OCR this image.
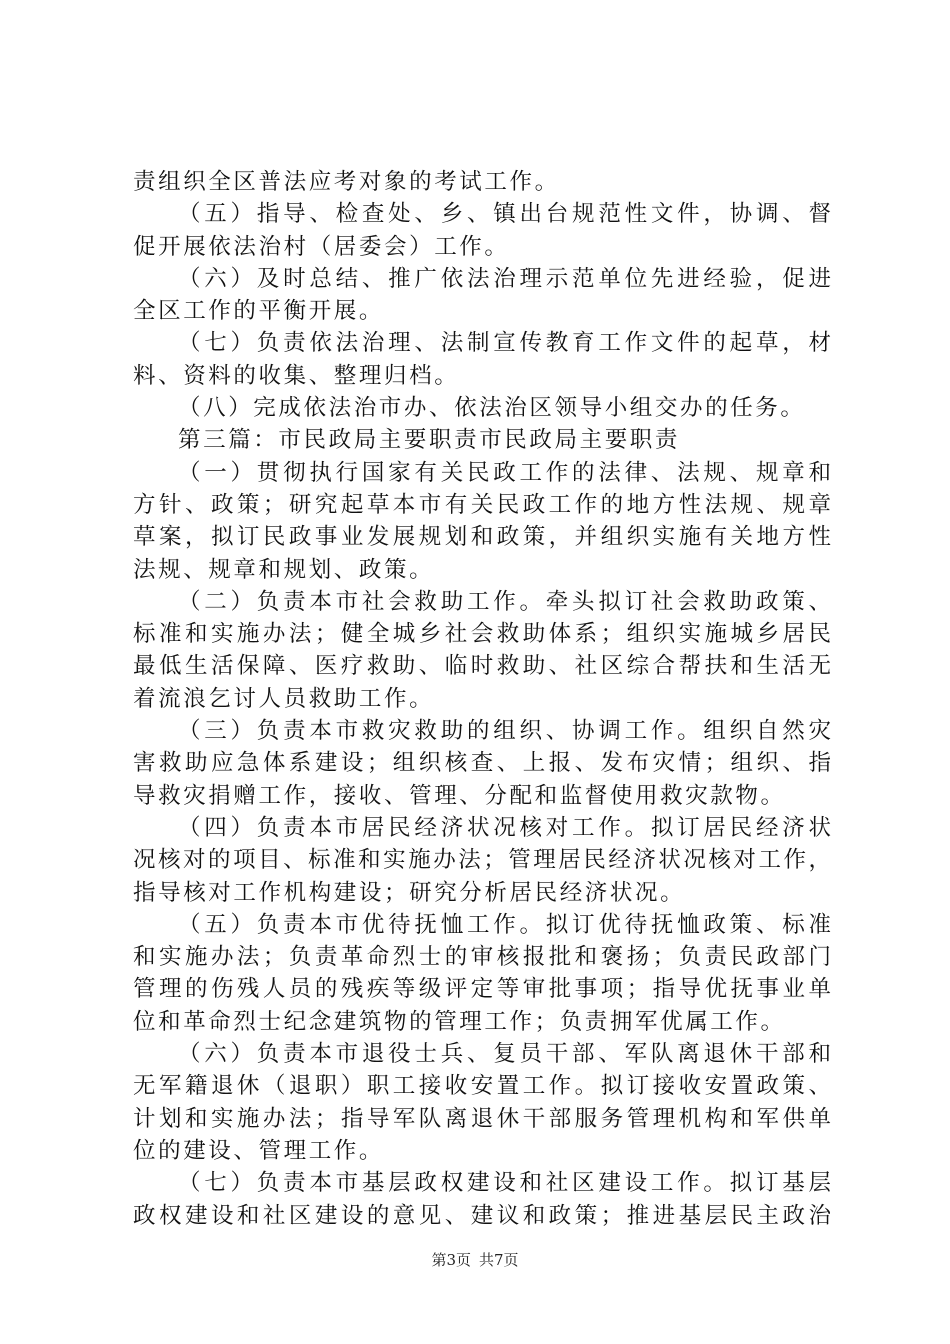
责组织全区普法应考对象的考试工作。
（五）指导、检查处、乡、镇出台规范性文件，协调、督
促开展依法治村（居委会）工作。
（六）及时总结、推广依法治理示范单位先进经验，促进
全区工作的平衡开展。
（七）负责依法治理、法制宣传教育工作文件的起草，材
料、资料的收集、整理归档。
（八）完成依法治市办、依法治区领导小组交办的任务。
第三篇：市民政局主要职责市民政局主要职责
（一）贯彻执行国家有关民政工作的法律、法规、规章和
方针、政策；研究起草本市有关民政工作的地方性法规、规章
草案，拟订民政事业发展规划和政策，并组织实施有关地方性
法规、规章和规划、政策。
（二）负责本市社会救助工作。牵头拟订社会救助政策、
标准和实施办法；健全城乡社会救助体系；组织实施城乡居民
最低生活保障、医疗救助、临时救助、社区综合帮扶和生活无
着流浪乞讨人员救助工作。
（三）负责本市救灾救助的组织、协调工作。组织自然灾
害救助应急体系建设；组织核查、上报、发布灾情；组织、指
导救灾捐赠工作，接收、管理、分配和监督使用救灾款物。
（四）负责本市居民经济状况核对工作。拟订居民经济状
况核对的项目、标准和实施办法；管理居民经济状况核对工作，
指导核对工作机构建设；研究分析居民经济状况。
（五）负责本市优待抚恤工作。拟订优待抚恤政策、标准
和实施办法；负责革命烈士的审核报批和褒扬；负责民政部门
管理的伤残人员的残疾等级评定等审批事项；指导优抚事业单
位和革命烈士纪念建筑物的管理工作；负责拥军优属工作。
（六）负责本市退役士兵、复员干部、军队离退休干部和
无军籍退休（退职）职工接收安置工作。拟订接收安置政策、
计划和实施办法；指导军队离退休干部服务管理机构和军供单
位的建设、管理工作。
（七）负责本市基层政权建设和社区建设工作。拟订基层
政权建设和社区建设的意见、建议和政策；推进基层民主政治
第3页 共7页
